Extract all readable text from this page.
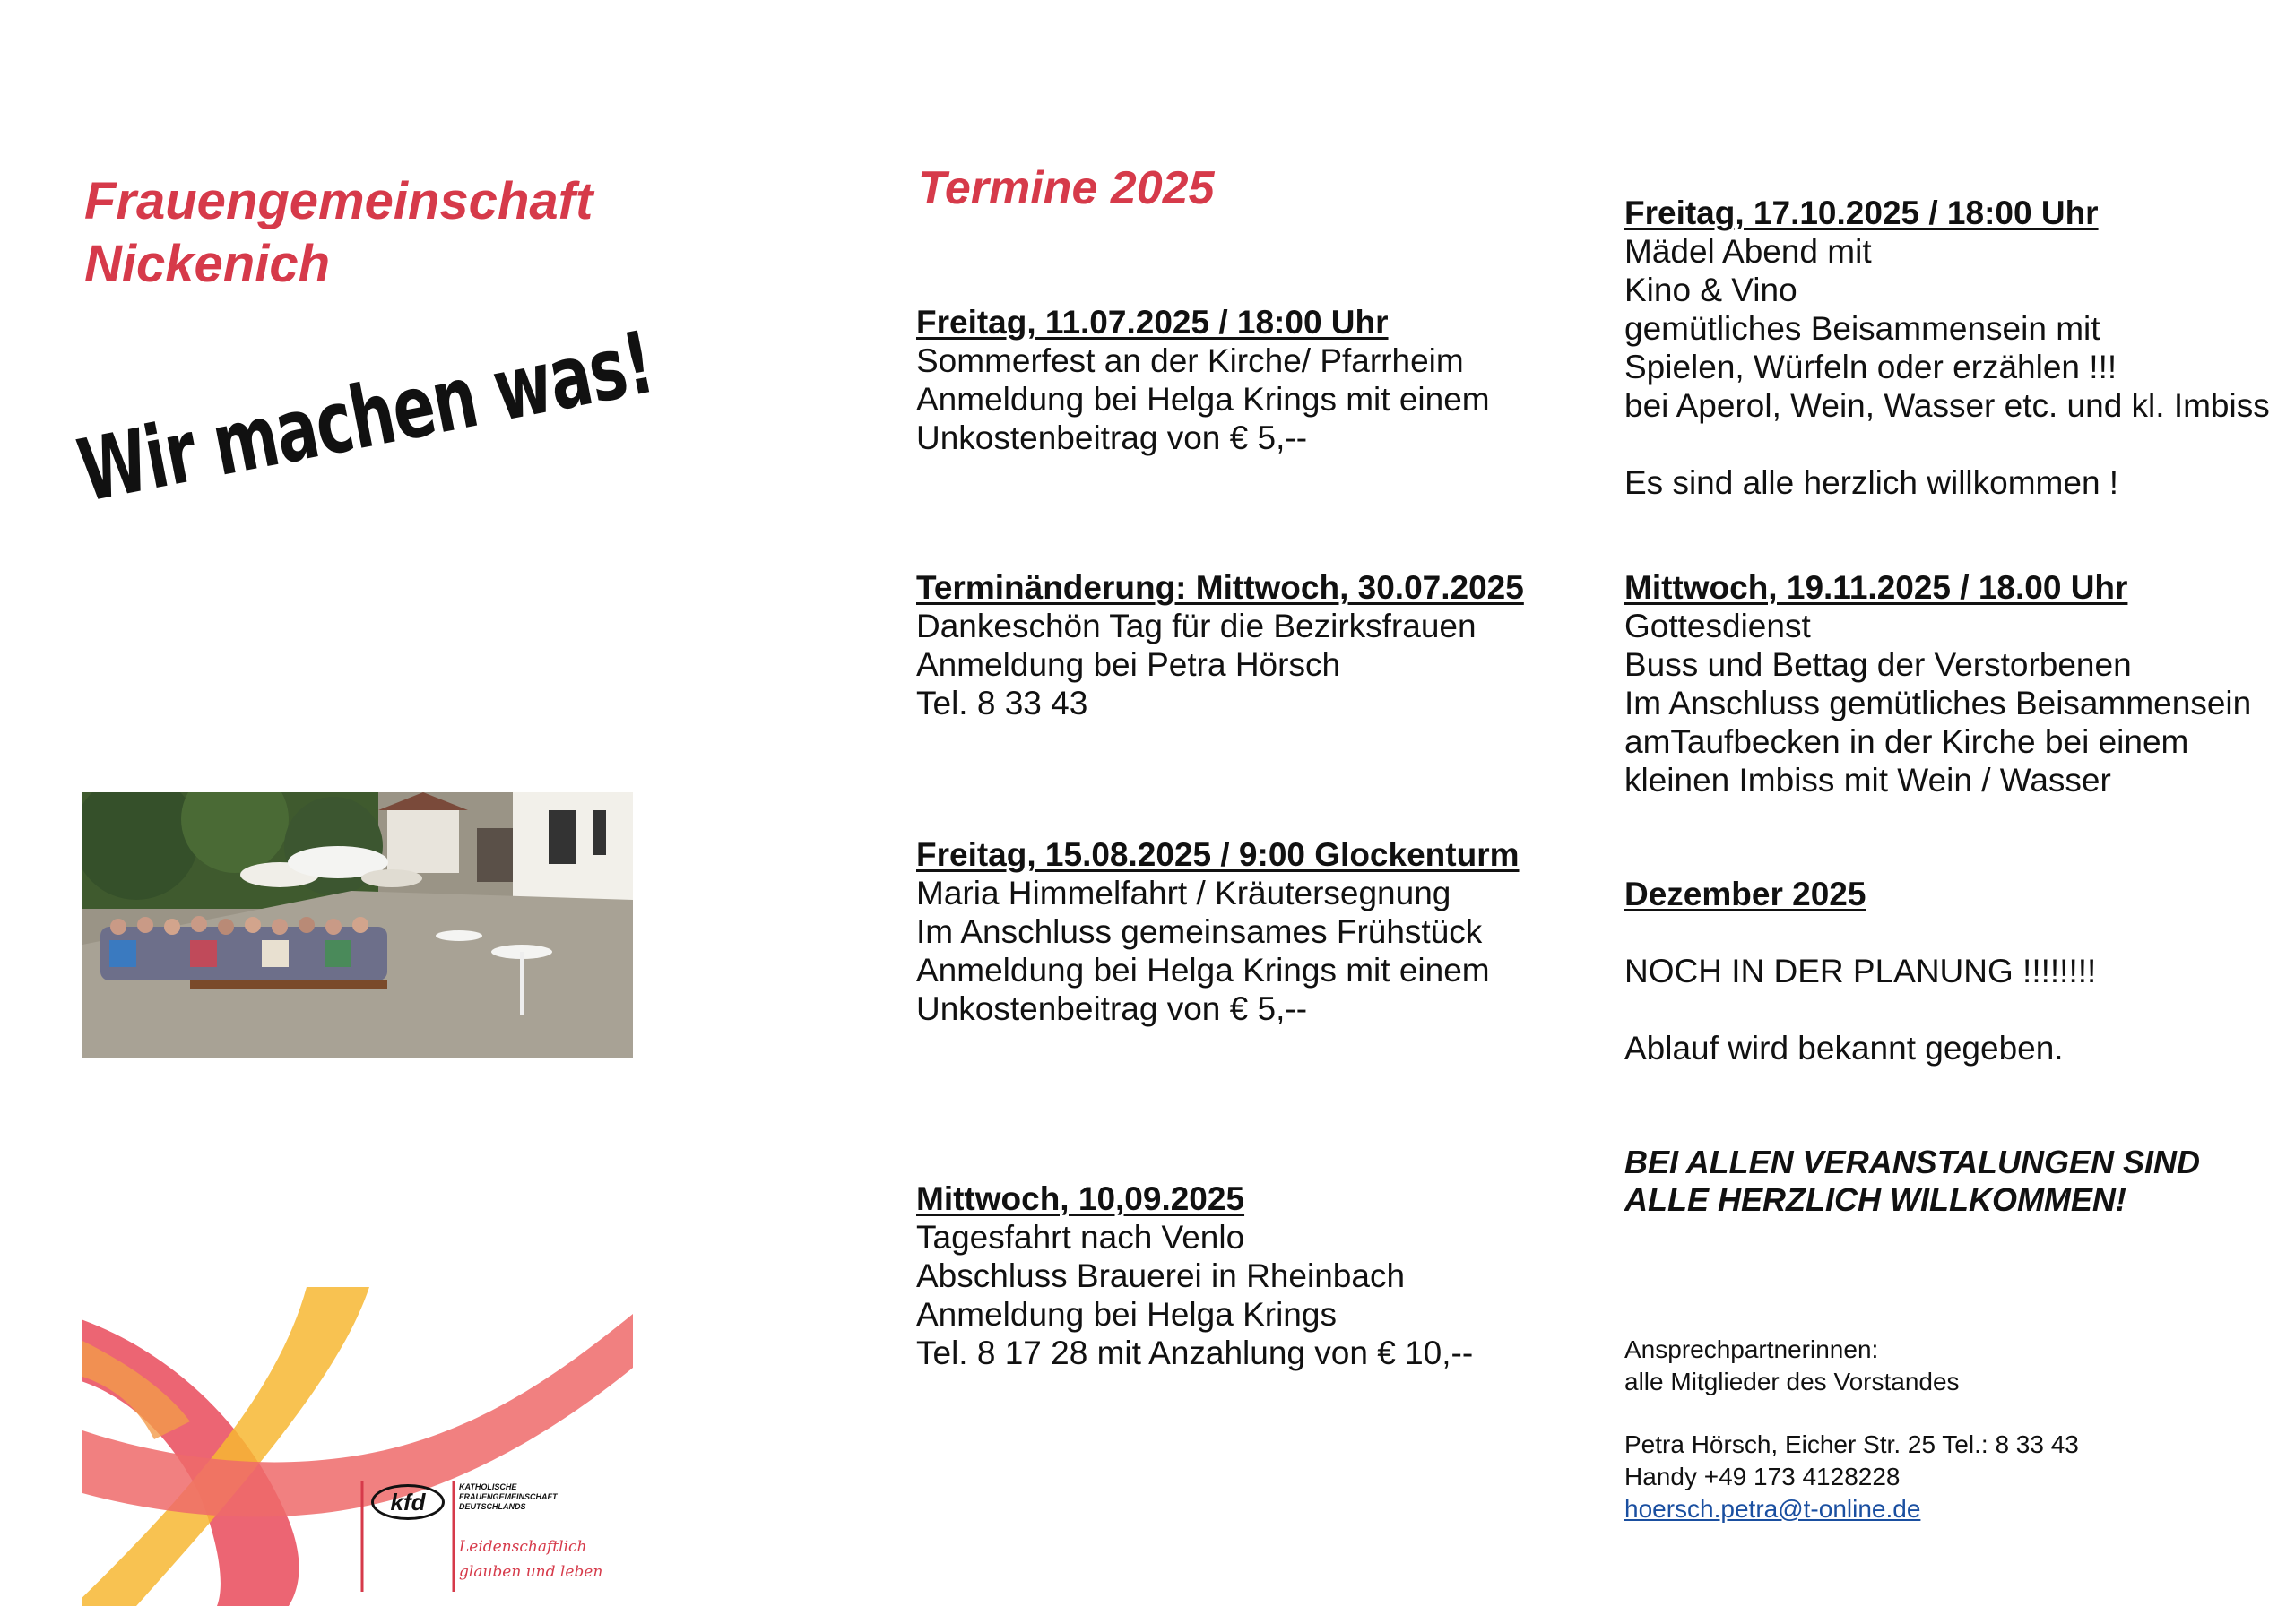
Frauengemeinschaft
Nickenich
Wir machen was!
kfd
KATHOLISCHE
FRAUENGEMEINSCHAFT
DEUTSCHLANDS
Leidenschaftlich
glauben und leben
Termine 2025
Freitag, 11.07.2025 / 18:00 Uhr
Sommerfest an der Kirche/ Pfarrheim
Anmeldung bei Helga Krings mit einem
Unkostenbeitrag von € 5,--
Terminänderung: Mittwoch, 30.07.2025
Dankeschön Tag für die Bezirksfrauen
Anmeldung bei Petra Hörsch
Tel. 8 33 43
Freitag, 15.08.2025 / 9:00 Glockenturm
Maria Himmelfahrt / Kräutersegnung
Im Anschluss gemeinsames Frühstück
Anmeldung bei Helga Krings mit einem
Unkostenbeitrag von € 5,--
Mittwoch, 10,09.2025
Tagesfahrt nach Venlo
Abschluss Brauerei in Rheinbach
Anmeldung bei Helga Krings
Tel. 8 17 28 mit Anzahlung von € 10,--
Freitag, 17.10.2025 / 18:00 Uhr
Mädel Abend mit
Kino & Vino
gemütliches Beisammensein mit
Spielen, Würfeln oder erzählen !!!
bei Aperol, Wein, Wasser etc. und kl. Imbiss
Es sind alle herzlich willkommen !
Mittwoch, 19.11.2025 / 18.00 Uhr
Gottesdienst
Buss und Bettag der Verstorbenen
Im Anschluss gemütliches Beisammensein
amTaufbecken in der Kirche bei einem
kleinen Imbiss mit Wein / Wasser
Dezember 2025
NOCH IN DER PLANUNG !!!!!!!!
Ablauf wird bekannt gegeben.
BEI ALLEN VERANSTALUNGEN SIND
ALLE HERZLICH WILLKOMMEN!
Ansprechpartnerinnen:
alle Mitglieder des Vorstandes
Petra Hörsch, Eicher Str. 25 Tel.: 8 33 43
Handy +49 173 4128228
hoersch.petra@t-online.de
